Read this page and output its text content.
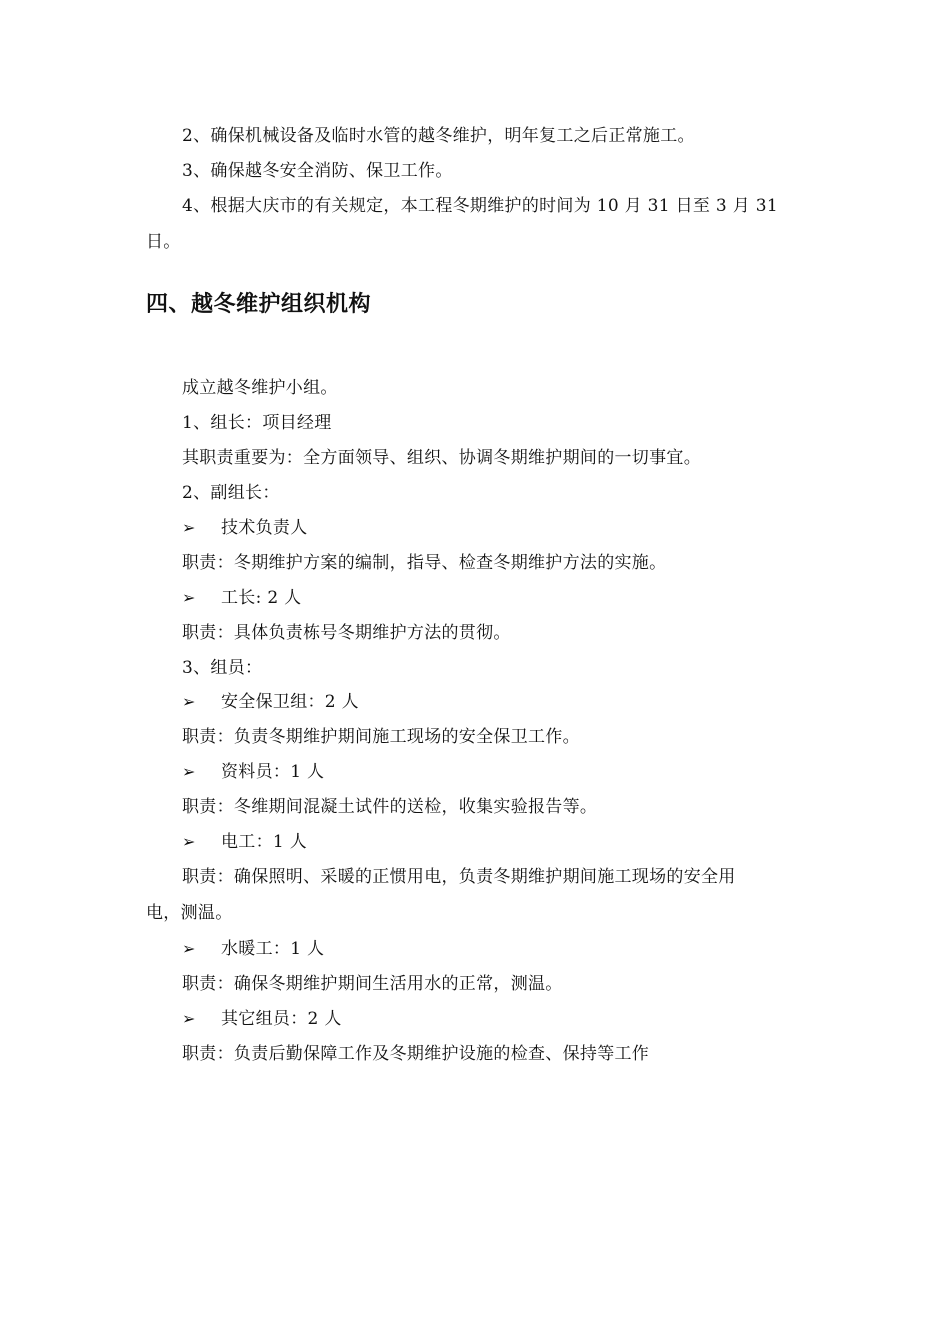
2、确保机械设备及临时水管的越冬维护，明年复工之后正常施工。
3、确保越冬安全消防、保卫工作。
4、根据大庆市的有关规定，本工程冬期维护的时间为 10 月 31 日至 3 月 31
日。
四、越冬维护组织机构
成立越冬维护小组。
1、组长：项目经理
其职责重要为：全方面领导、组织、协调冬期维护期间的一切事宜。
2、副组长：
➢ 技术负责人
职责：冬期维护方案的编制，指导、检查冬期维护方法的实施。
➢ 工长: 2 人
职责：具体负责栋号冬期维护方法的贯彻。
3、组员：
➢ 安全保卫组：2 人
职责：负责冬期维护期间施工现场的安全保卫工作。
➢ 资料员：1 人
职责：冬维期间混凝土试件的送检，收集实验报告等。
➢ 电工：1 人
职责：确保照明、采暖的正惯用电，负责冬期维护期间施工现场的安全用
电，测温。
➢ 水暖工：1 人
职责：确保冬期维护期间生活用水的正常，测温。
➢ 其它组员：2 人
职责：负责后勤保障工作及冬期维护设施的检查、保持等工作
